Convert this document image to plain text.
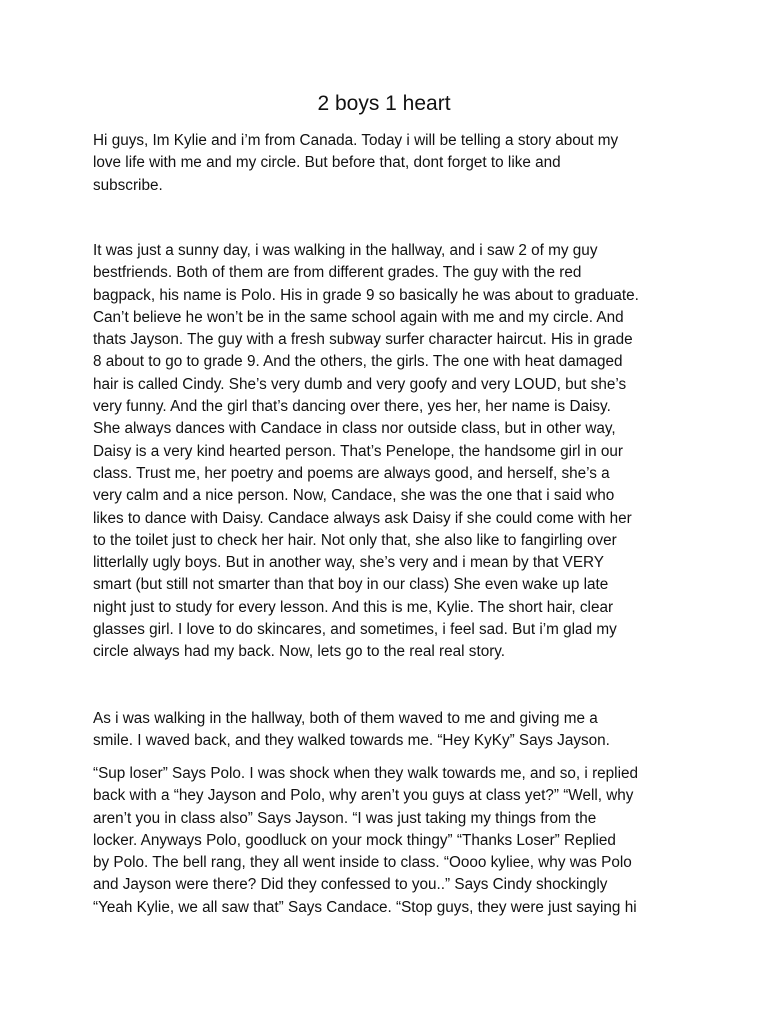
2 boys 1 heart

Hi guys, Im Kylie and i’m from Canada. Today i will be telling a story about my
love life with me and my circle. But before that, dont forget to like and
subscribe.

It was just a sunny day, i was walking in the hallway, and i saw 2 of my guy
bestfriends. Both of them are from different grades. The guy with the red
bagpack, his name is Polo. His in grade 9 so basically he was about to graduate.
Can’t believe he won’t be in the same school again with me and my circle. And
thats Jayson. The guy with a fresh subway surfer character haircut. His in grade
8 about to go to grade 9. And the others, the girls. The one with heat damaged
hair is called Cindy. She’s very dumb and very goofy and very LOUD, but she’s
very funny. And the girl that’s dancing over there, yes her, her name is Daisy.
She always dances with Candace in class nor outside class, but in other way,
Daisy is a very kind hearted person. That’s Penelope, the handsome girl in our
class. Trust me, her poetry and poems are always good, and herself, she’s a
very calm and a nice person. Now, Candace, she was the one that i said who
likes to dance with Daisy. Candace always ask Daisy if she could come with her
to the toilet just to check her hair. Not only that, she also like to fangirling over
litterlally ugly boys. But in another way, she’s very and i mean by that VERY
smart (but still not smarter than that boy in our class) She even wake up late
night just to study for every lesson. And this is me, Kylie. The short hair, clear
glasses girl. I love to do skincares, and sometimes, i feel sad. But i’m glad my
circle always had my back. Now, lets go to the real real story.

As i was walking in the hallway, both of them waved to me and giving me a
smile. I waved back, and they walked towards me. “Hey KyKy” Says Jayson.

“Sup loser” Says Polo. I was shock when they walk towards me, and so, i replied
back with a “hey Jayson and Polo, why aren’t you guys at class yet?” “Well, why
aren’t you in class also” Says Jayson. “I was just taking my things from the
locker. Anyways Polo, goodluck on your mock thingy” “Thanks Loser” Replied
by Polo. The bell rang, they all went inside to class. “Oooo kyliee, why was Polo
and Jayson were there? Did they confessed to you..” Says Cindy shockingly
“Yeah Kylie, we all saw that” Says Candace. “Stop guys, they were just saying hi
